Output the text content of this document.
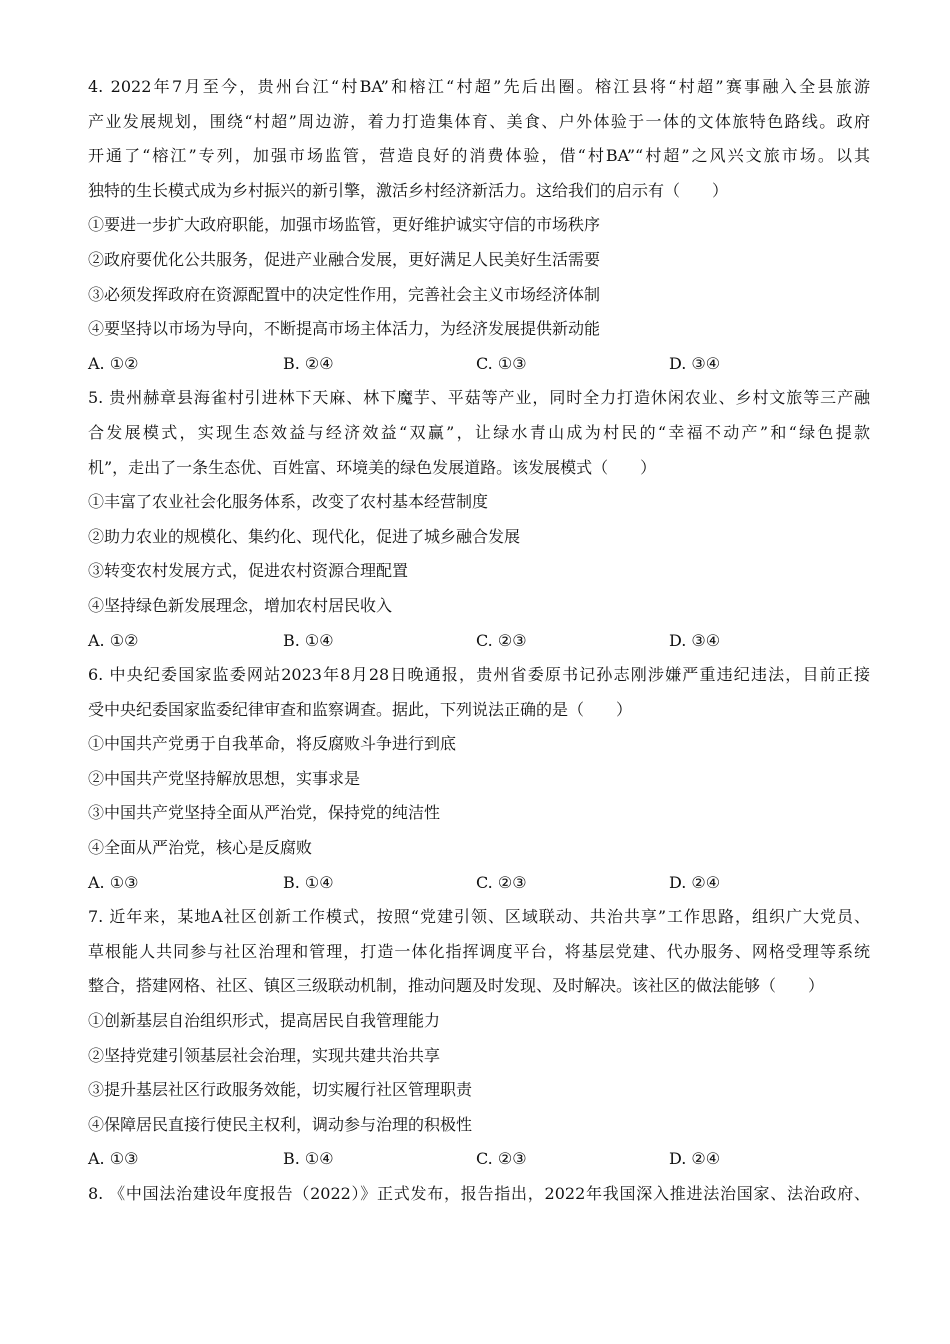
4. 2022年7月至今，贵州台江“村BA”和榕江“村超”先后出圈。榕江县将“村超”赛事融入全县旅游
产业发展规划，围绕“村超”周边游，着力打造集体育、美食、户外体验于一体的文体旅特色路线。政府
开通了“榕江”专列，加强市场监管，营造良好的消费体验，借“村BA”“村超”之风兴文旅市场。以其
独特的生长模式成为乡村振兴的新引擎，激活乡村经济新活力。这给我们的启示有（　　）
①要进一步扩大政府职能，加强市场监管，更好维护诚实守信的市场秩序
②政府要优化公共服务，促进产业融合发展，更好满足人民美好生活需要
③必须发挥政府在资源配置中的决定性作用，完善社会主义市场经济体制
④要坚持以市场为导向，不断提高市场主体活力，为经济发展提供新动能
A. ①②	B. ②④	C. ①③	D. ③④
5. 贵州赫章县海雀村引进林下天麻、林下魔芋、平菇等产业，同时全力打造休闲农业、乡村文旅等三产融
合发展模式，实现生态效益与经济效益“双赢”，让绿水青山成为村民的“幸福不动产”和“绿色提款
机”，走出了一条生态优、百姓富、环境美的绿色发展道路。该发展模式（　　）
①丰富了农业社会化服务体系，改变了农村基本经营制度
②助力农业的规模化、集约化、现代化，促进了城乡融合发展
③转变农村发展方式，促进农村资源合理配置
④坚持绿色新发展理念，增加农村居民收入
A. ①②	B. ①④	C. ②③	D. ③④
6. 中央纪委国家监委网站2023年8月28日晚通报，贵州省委原书记孙志刚涉嫌严重违纪违法，目前正接
受中央纪委国家监委纪律审查和监察调查。据此，下列说法正确的是（　　）
①中国共产党勇于自我革命，将反腐败斗争进行到底
②中国共产党坚持解放思想，实事求是
③中国共产党坚持全面从严治党，保持党的纯洁性
④全面从严治党，核心是反腐败
A. ①③	B. ①④	C. ②③	D. ②④
7. 近年来，某地A社区创新工作模式，按照“党建引领、区域联动、共治共享”工作思路，组织广大党员、
草根能人共同参与社区治理和管理，打造一体化指挥调度平台，将基层党建、代办服务、网格受理等系统
整合，搭建网格、社区、镇区三级联动机制，推动问题及时发现、及时解决。该社区的做法能够（　　）
①创新基层自治组织形式，提高居民自我管理能力
②坚持党建引领基层社会治理，实现共建共治共享
③提升基层社区行政服务效能，切实履行社区管理职责
④保障居民直接行使民主权利，调动参与治理的积极性
A. ①③	B. ①④	C. ②③	D. ②④
8. 《中国法治建设年度报告（2022）》正式发布，报告指出，2022年我国深入推进法治国家、法治政府、
